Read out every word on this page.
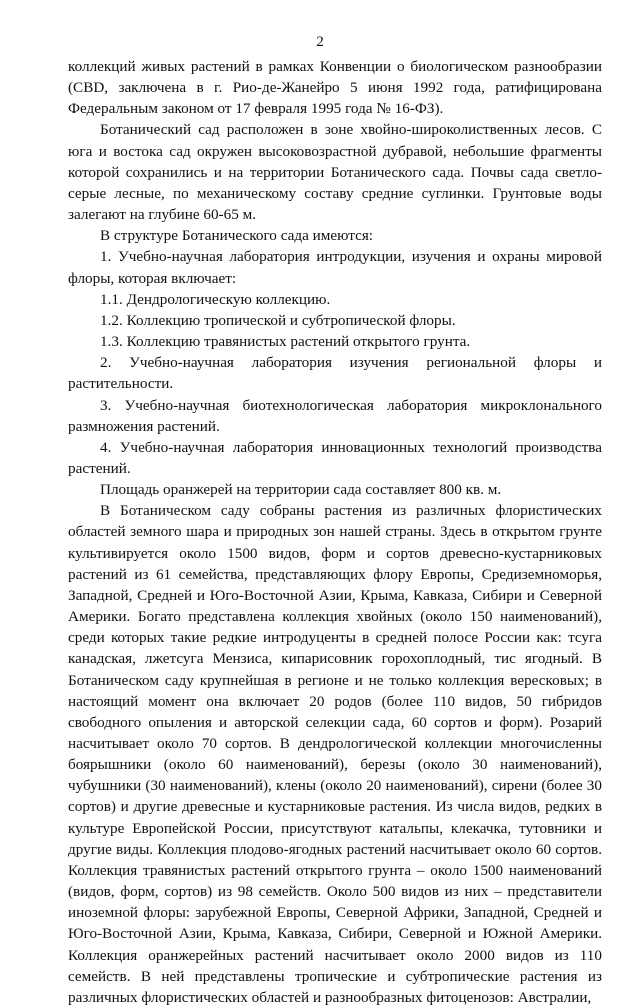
2

коллекций живых растений в рамках Конвенции о биологическом разнообразии (CBD, заключена в г. Рио-де-Жанейро 5 июня 1992 года, ратифицирована Федеральным законом от 17 февраля 1995 года № 16-ФЗ).

Ботанический сад расположен в зоне хвойно-широколиственных лесов. С юга и востока сад окружен высоковозрастной дубравой, небольшие фрагменты которой сохранились и на территории Ботанического сада. Почвы сада светло-серые лесные, по механическому составу средние суглинки. Грунтовые воды залегают на глубине 60-65 м.

В структуре Ботанического сада имеются:

1. Учебно-научная лаборатория интродукции, изучения и охраны мировой флоры, которая включает:

1.1. Дендрологическую коллекцию.

1.2. Коллекцию тропической и субтропической флоры.

1.3. Коллекцию травянистых растений открытого грунта.

2. Учебно-научная лаборатория изучения региональной флоры и растительности.

3. Учебно-научная биотехнологическая лаборатория микроклонального размножения растений.

4. Учебно-научная лаборатория инновационных технологий производства растений.

Площадь оранжерей на территории сада составляет 800 кв. м.

В Ботаническом саду собраны растения из различных флористических областей земного шара и природных зон нашей страны. Здесь в открытом грунте культивируется около 1500 видов, форм и сортов древесно-кустарниковых растений из 61 семейства, представляющих флору Европы, Средиземноморья, Западной, Средней и Юго-Восточной Азии, Крыма, Кавказа, Сибири и Северной Америки. Богато представлена коллекция хвойных (около 150 наименований), среди которых такие редкие интродуценты в средней полосе России как: тсуга канадская, лжетсуга Мензиса, кипарисовник горохоплодный, тис ягодный. В Ботаническом саду крупнейшая в регионе и не только коллекция вересковых; в настоящий момент она включает 20 родов (более 110 видов, 50 гибридов свободного опыления и авторской селекции сада, 60 сортов и форм). Розарий насчитывает около 70 сортов. В дендрологической коллекции многочисленны боярышники (около 60 наименований), березы (около 30 наименований), чубушники (30 наименований), клены (около 20 наименований), сирени (более 30 сортов) и другие древесные и кустарниковые растения. Из числа видов, редких в культуре Европейской России, присутствуют катальпы, клекачка, тутовники и другие виды. Коллекция плодово-ягодных растений насчитывает около 60 сортов. Коллекция травянистых растений открытого грунта – около 1500 наименований (видов, форм, сортов) из 98 семейств. Около 500 видов из них – представители иноземной флоры: зарубежной Европы, Северной Африки, Западной, Средней и Юго-Восточной Азии, Крыма, Кавказа, Сибири, Северной и Южной Америки. Коллекция оранжерейных растений насчитывает около 2000 видов из 110 семейств. В ней представлены тропические и субтропические растения из различных флористических областей и разнообразных фитоценозов: Австралии,
